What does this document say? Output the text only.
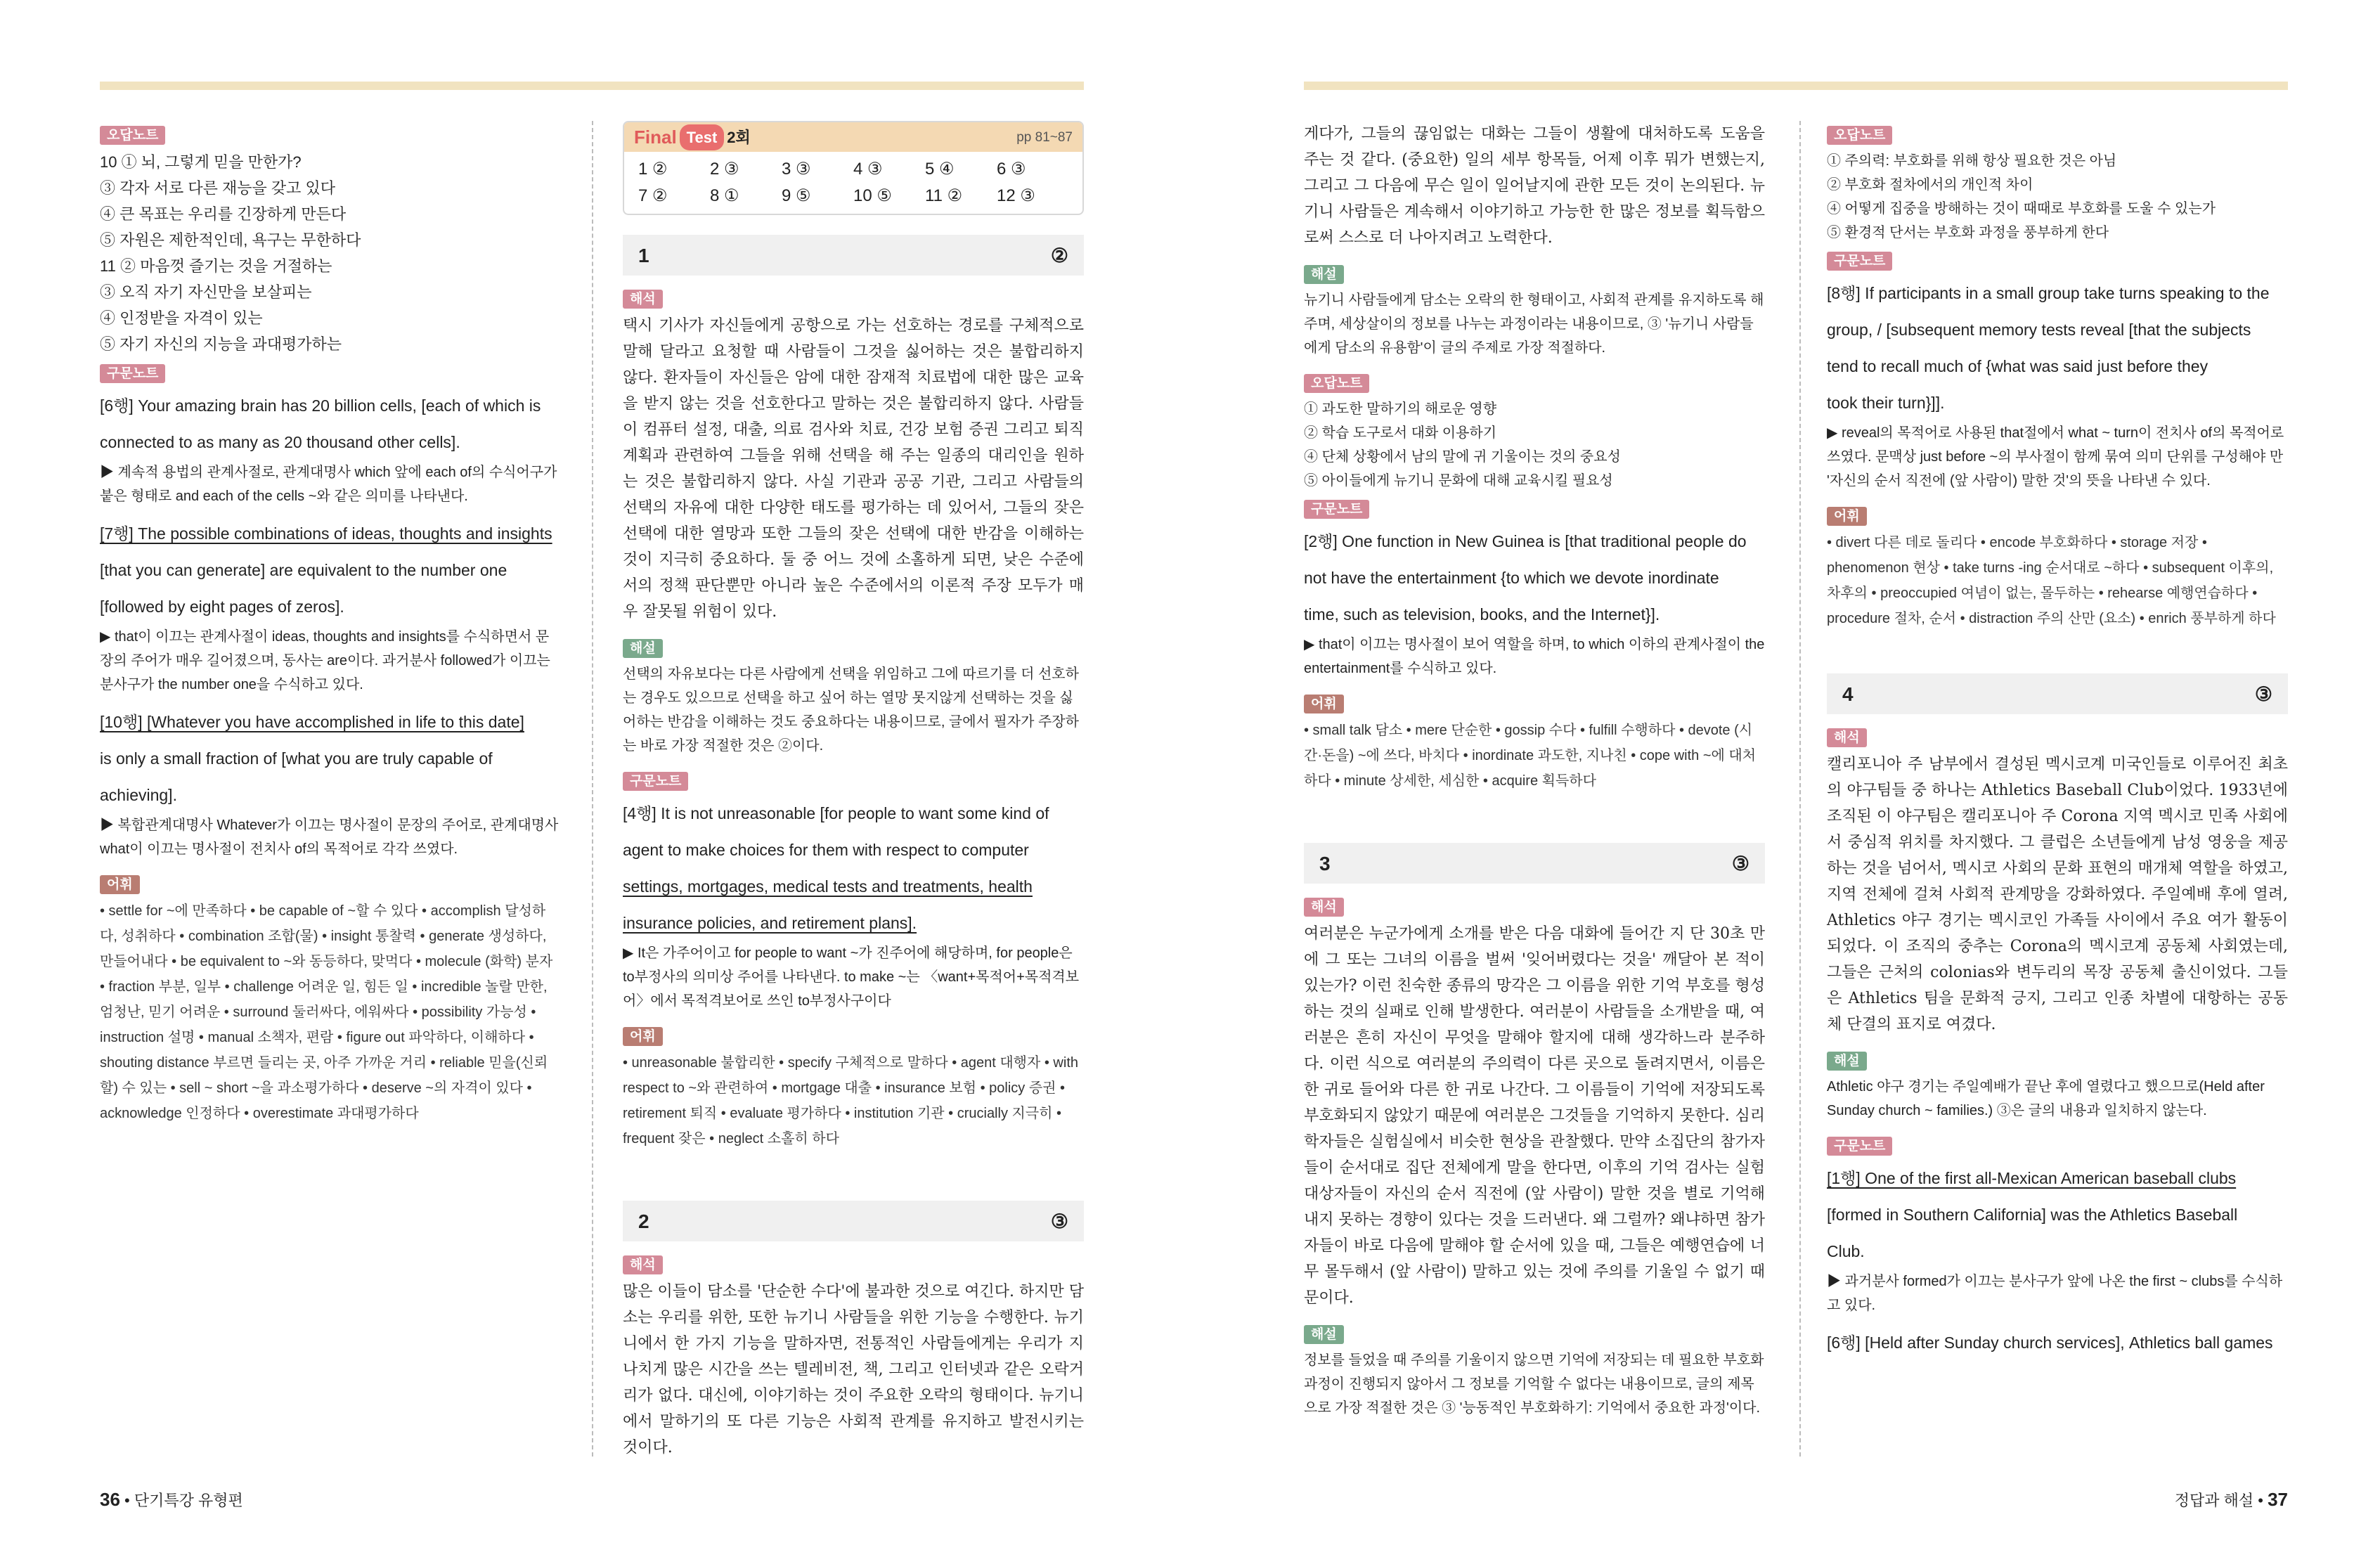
오답노트
10 ① 뇌, 그렇게 믿을 만한가?
③ 각자 서로 다른 재능을 갖고 있다
④ 큰 목표는 우리를 긴장하게 만든다
⑤ 자원은 제한적인데, 욕구는 무한하다
11 ② 마음껏 즐기는 것을 거절하는
③ 오직 자기 자신만을 보살피는
④ 인정받을 자격이 있는
⑤ 자기 자신의 지능을 과대평가하는
구문노트
[6행] Your amazing brain has 20 billion cells, [each of which is
connected to as many as 20 thousand other cells].

▶ 계속적 용법의 관계사절로, 관계대명사 which 앞에 each of의 수식어구가 붙은 형태로 and each of the cells ~와 같은 의미를 나타낸다.

[7행] The possible combinations of ideas, thoughts and insights
[that you can generate] are equivalent to the number one
[followed by eight pages of zeros].

▶ that이 이끄는 관계사절이 ideas, thoughts and insights를 수식하면서 문장의 주어가 매우 길어졌으며, 동사는 are이다. 과거분사 followed가 이끄는 분사구가 the number one을 수식하고 있다.

[10행] [Whatever you have accomplished in life to this date]
is only a small fraction of [what you are truly capable of
achieving].

▶ 복합관계대명사 Whatever가 이끄는 명사절이 문장의 주어로, 관계대명사 what이 이끄는 명사절이 전치사 of의 목적어로 각각 쓰였다.

어휘

• settle for ~에 만족하다 • be capable of ~할 수 있다 • accomplish 달성하다, 성취하다 • combination 조합(물) • insight 통찰력 • generate 생성하다, 만들어내다 • be equivalent to ~와 동등하다, 맞먹다 • molecule (화학) 분자 • fraction 부분, 일부 • challenge 어려운 일, 힘든 일 • incredible 놀랄 만한, 엄청난, 믿기 어려운 • surround 둘러싸다, 에워싸다 • possibility 가능성 • instruction 설명 • manual 소책자, 편람 • figure out 파악하다, 이해하다 • shouting distance 부르면 들리는 곳, 아주 가까운 거리 • reliable 믿을(신뢰할) 수 있는 • sell ~ short ~을 과소평가하다 • deserve ~의 자격이 있다 • acknowledge 인정하다 • overestimate 과대평가하다

Final Test 2회	pp 81~87
1 ②	2 ③	3 ③	4 ③	5 ④	6 ③
7 ②	8 ①	9 ⑤	10 ⑤	11 ②	12 ③
1	②
해석

택시 기사가 자신들에게 공항으로 가는 선호하는 경로를 구체적으로 말해 달라고 요청할 때 사람들이 그것을 싫어하는 것은 불합리하지 않다. 환자들이 자신들은 암에 대한 잠재적 치료법에 대한 많은 교육을 받지 않는 것을 선호한다고 말하는 것은 불합리하지 않다. 사람들이 컴퓨터 설정, 대출, 의료 검사와 치료, 건강 보험 증권 그리고 퇴직 계획과 관련하여 그들을 위해 선택을 해 주는 일종의 대리인을 원하는 것은 불합리하지 않다. 사실 기관과 공공 기관, 그리고 사람들의 선택의 자유에 대한 다양한 태도를 평가하는 데 있어서, 그들의 잦은 선택에 대한 열망과 또한 그들의 잦은 선택에 대한 반감을 이해하는 것이 지극히 중요하다. 둘 중 어느 것에 소홀하게 되면, 낮은 수준에서의 정책 판단뿐만 아니라 높은 수준에서의 이론적 주장 모두가 매우 잘못될 위험이 있다.

해설

선택의 자유보다는 다른 사람에게 선택을 위임하고 그에 따르기를 더 선호하는 경우도 있으므로 선택을 하고 싶어 하는 열망 못지않게 선택하는 것을 싫어하는 반감을 이해하는 것도 중요하다는 내용이므로, 글에서 필자가 주장하는 바로 가장 적절한 것은 ②이다.

구문노트
[4행] It is not unreasonable [for people to want some kind of
agent to make choices for them with respect to computer
settings, mortgages, medical tests and treatments, health
insurance policies, and retirement plans].

▶ It은 가주어이고 for people to want ~가 진주어에 해당하며, for people은 to부정사의 의미상 주어를 나타낸다. to make ~는 〈want+목적어+목적격보어〉에서 목적격보어로 쓰인 to부정사구이다

어휘

• unreasonable 불합리한 • specify 구체적으로 말하다 • agent 대행자 • with respect to ~와 관련하여 • mortgage 대출 • insurance 보험 • policy 증권 • retirement 퇴직 • evaluate 평가하다 • institution 기관 • crucially 지극히 • frequent 잦은 • neglect 소홀히 하다

2	③
해석

많은 이들이 담소를 '단순한 수다'에 불과한 것으로 여긴다. 하지만 담소는 우리를 위한, 또한 뉴기니 사람들을 위한 기능을 수행한다. 뉴기니에서 한 가지 기능을 말하자면, 전통적인 사람들에게는 우리가 지나치게 많은 시간을 쓰는 텔레비전, 책, 그리고 인터넷과 같은 오락거리가 없다. 대신에, 이야기하는 것이 주요한 오락의 형태이다. 뉴기니에서 말하기의 또 다른 기능은 사회적 관계를 유지하고 발전시키는 것이다.

게다가, 그들의 끊임없는 대화는 그들이 생활에 대처하도록 도움을 주는 것 같다. (중요한) 일의 세부 항목들, 어제 이후 뭐가 변했는지, 그리고 그 다음에 무슨 일이 일어날지에 관한 모든 것이 논의된다. 뉴기니 사람들은 계속해서 이야기하고 가능한 한 많은 정보를 획득함으로써 스스로 더 나아지려고 노력한다.

해설

뉴기니 사람들에게 담소는 오락의 한 형태이고, 사회적 관계를 유지하도록 해 주며, 세상살이의 정보를 나누는 과정이라는 내용이므로, ③ '뉴기니 사람들에게 담소의 유용함'이 글의 주제로 가장 적절하다.

오답노트
① 과도한 말하기의 해로운 영향
② 학습 도구로서 대화 이용하기
④ 단체 상황에서 남의 말에 귀 기울이는 것의 중요성
⑤ 아이들에게 뉴기니 문화에 대해 교육시킬 필요성
구문노트
[2행] One function in New Guinea is [that traditional people do
not have the entertainment {to which we devote inordinate
time, such as television, books, and the Internet}].

▶ that이 이끄는 명사절이 보어 역할을 하며, to which 이하의 관계사절이 the entertainment를 수식하고 있다.

어휘

• small talk 담소 • mere 단순한 • gossip 수다 • fulfill 수행하다 • devote (시간·돈을) ~에 쓰다, 바치다 • inordinate 과도한, 지나친 • cope with ~에 대처하다 • minute 상세한, 세심한 • acquire 획득하다

3	③
해석

여러분은 누군가에게 소개를 받은 다음 대화에 들어간 지 단 30초 만에 그 또는 그녀의 이름을 벌써 '잊어버렸다는 것을' 깨달아 본 적이 있는가? 이런 친숙한 종류의 망각은 그 이름을 위한 기억 부호를 형성하는 것의 실패로 인해 발생한다. 여러분이 사람들을 소개받을 때, 여러분은 흔히 자신이 무엇을 말해야 할지에 대해 생각하느라 분주하다. 이런 식으로 여러분의 주의력이 다른 곳으로 돌려지면서, 이름은 한 귀로 들어와 다른 한 귀로 나간다. 그 이름들이 기억에 저장되도록 부호화되지 않았기 때문에 여러분은 그것들을 기억하지 못한다. 심리학자들은 실험실에서 비슷한 현상을 관찰했다. 만약 소집단의 참가자들이 순서대로 집단 전체에게 말을 한다면, 이후의 기억 검사는 실험 대상자들이 자신의 순서 직전에 (앞 사람이) 말한 것을 별로 기억해 내지 못하는 경향이 있다는 것을 드러낸다. 왜 그럴까? 왜냐하면 참가자들이 바로 다음에 말해야 할 순서에 있을 때, 그들은 예행연습에 너무 몰두해서 (앞 사람이) 말하고 있는 것에 주의를 기울일 수 없기 때문이다.

해설

정보를 들었을 때 주의를 기울이지 않으면 기억에 저장되는 데 필요한 부호화 과정이 진행되지 않아서 그 정보를 기억할 수 없다는 내용이므로, 글의 제목으로 가장 적절한 것은 ③ '능동적인 부호화하기: 기억에서 중요한 과정'이다.

오답노트
① 주의력: 부호화를 위해 항상 필요한 것은 아님
② 부호화 절차에서의 개인적 차이
④ 어떻게 집중을 방해하는 것이 때때로 부호화를 도울 수 있는가
⑤ 환경적 단서는 부호화 과정을 풍부하게 한다
구문노트
[8행] If participants in a small group take turns speaking to the
group, / [subsequent memory tests reveal [that the subjects
tend to recall much of {what was said just before they
took their turn}]].

▶ reveal의 목적어로 사용된 that절에서 what ~ turn이 전치사 of의 목적어로 쓰였다. 문맥상 just before ~의 부사절이 함께 묶여 의미 단위를 구성해야 만 '자신의 순서 직전에 (앞 사람이) 말한 것'의 뜻을 나타낸 수 있다.

어휘

• divert 다른 데로 돌리다 • encode 부호화하다 • storage 저장 • phenomenon 현상 • take turns -ing 순서대로 ~하다 • subsequent 이후의, 차후의 • preoccupied 여념이 없는, 몰두하는 • rehearse 예행연습하다 • procedure 절차, 순서 • distraction 주의 산만 (요소) • enrich 풍부하게 하다

4	③
해석

캘리포니아 주 남부에서 결성된 멕시코계 미국인들로 이루어진 최초의 야구팀들 중 하나는 Athletics Baseball Club이었다. 1933년에 조직된 이 야구팀은 캘리포니아 주 Corona 지역 멕시코 민족 사회에서 중심적 위치를 차지했다. 그 클럽은 소년들에게 남성 영웅을 제공하는 것을 넘어서, 멕시코 사회의 문화 표현의 매개체 역할을 하였고, 지역 전체에 걸쳐 사회적 관계망을 강화하였다. 주일예배 후에 열려, Athletics 야구 경기는 멕시코인 가족들 사이에서 주요 여가 활동이 되었다. 이 조직의 중추는 Corona의 멕시코계 공동체 사회였는데, 그들은 근처의 colonias와 변두리의 목장 공동체 출신이었다. 그들은 Athletics 팀을 문화적 긍지, 그리고 인종 차별에 대항하는 공동체 단결의 표지로 여겼다.

해설

Athletic 야구 경기는 주일예배가 끝난 후에 열렸다고 했으므로(Held after Sunday church ~ families.) ③은 글의 내용과 일치하지 않는다.

구문노트
[1행] One of the first all-Mexican American baseball clubs
[formed in Southern California] was the Athletics Baseball
Club.

▶ 과거분사 formed가 이끄는 분사구가 앞에 나온 the first ~ clubs를 수식하고 있다.

[6행] [Held after Sunday church services], Athletics ball games
36 • 단기특강 유형편	정답과 해설 • 37
